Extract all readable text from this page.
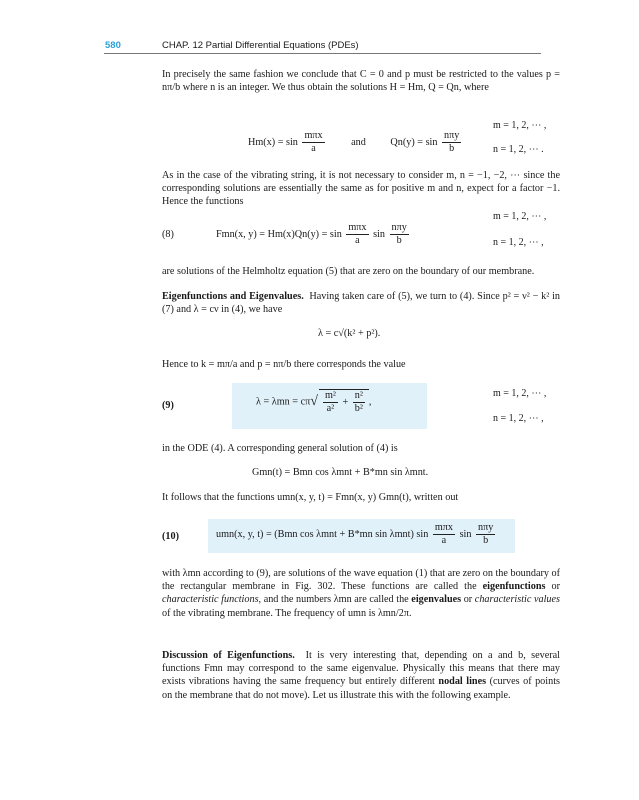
580	CHAP. 12 Partial Differential Equations (PDEs)

In precisely the same fashion we conclude that C = 0 and p must be restricted to the values p = nπ/b where n is an integer. We thus obtain the solutions H = Hm, Q = Qn, where

m = 1, 2, ⋯ ,
$Hm(x) = \sin \frac{\text{mπx}}{a}$	and $Qn(y) = \sin \frac{\text{nπy}}{b}$	n = 1, 2, ⋯ .

As in the case of the vibrating string, it is not necessary to consider m, n = −1, −2, ⋯ since the corresponding solutions are essentially the same as for positive m and n, expect for a factor −1. Hence the functions

m = 1, 2, ⋯ ,
(8)	Fmn(x, $y) = Hm(x)Qn(y) = \sin \frac{\text{mπx}}{a}$ $\sin \frac{\text{nπy}}{b}$	n = 1, 2, ⋯ ,

are solutions of the Helmholtz equation (5) that are zero on the boundary of our membrane.

Eigenfunctions and Eigenvalues. Having taken care of (5), we turn to (4). Since p² = ν² − k² in (7) and λ = cν in (4), we have

λ = c√(k² + p²).

Hence to k = mπ/a and p = nπ/b there corresponds the value

(9)
m = 1, 2, ⋯ ,
$\lambda = \lambda mn = c\pi√ \frac{\text{m²}}{\text{a²}} + \frac{\text{n²}}{\text{b²}}$ ,
n = 1, 2, ⋯ ,

in the ODE (4). A corresponding general solution of (4) is

Gmn(t) = Bmn cos λmnt + B*mn sin λmnt.

It follows that the functions umn(x, y, t) = Fmn(x, y) Gmn(t), written out

(10)	umn(x, y, t) = (Bmn cos λmnt + B*mn sin λmnt) $\sin \frac{\text{mπx}}{a}$ $\sin \frac{\text{nπy}}{b}$

with λmn according to (9), are solutions of the wave equation (1) that are zero on the boundary of the rectangular membrane in Fig. 302. These functions are called the eigenfunctions or characteristic functions, and the numbers λmn are called the eigenvalues or characteristic values of the vibrating membrane. The frequency of umn is λmn/2π.

Discussion of Eigenfunctions. It is very interesting that, depending on a and b, several functions Fmn may correspond to the same eigenvalue. Physically this means that there may exists vibrations having the same frequency but entirely different nodal lines (curves of points on the membrane that do not move). Let us illustrate this with the following example.
